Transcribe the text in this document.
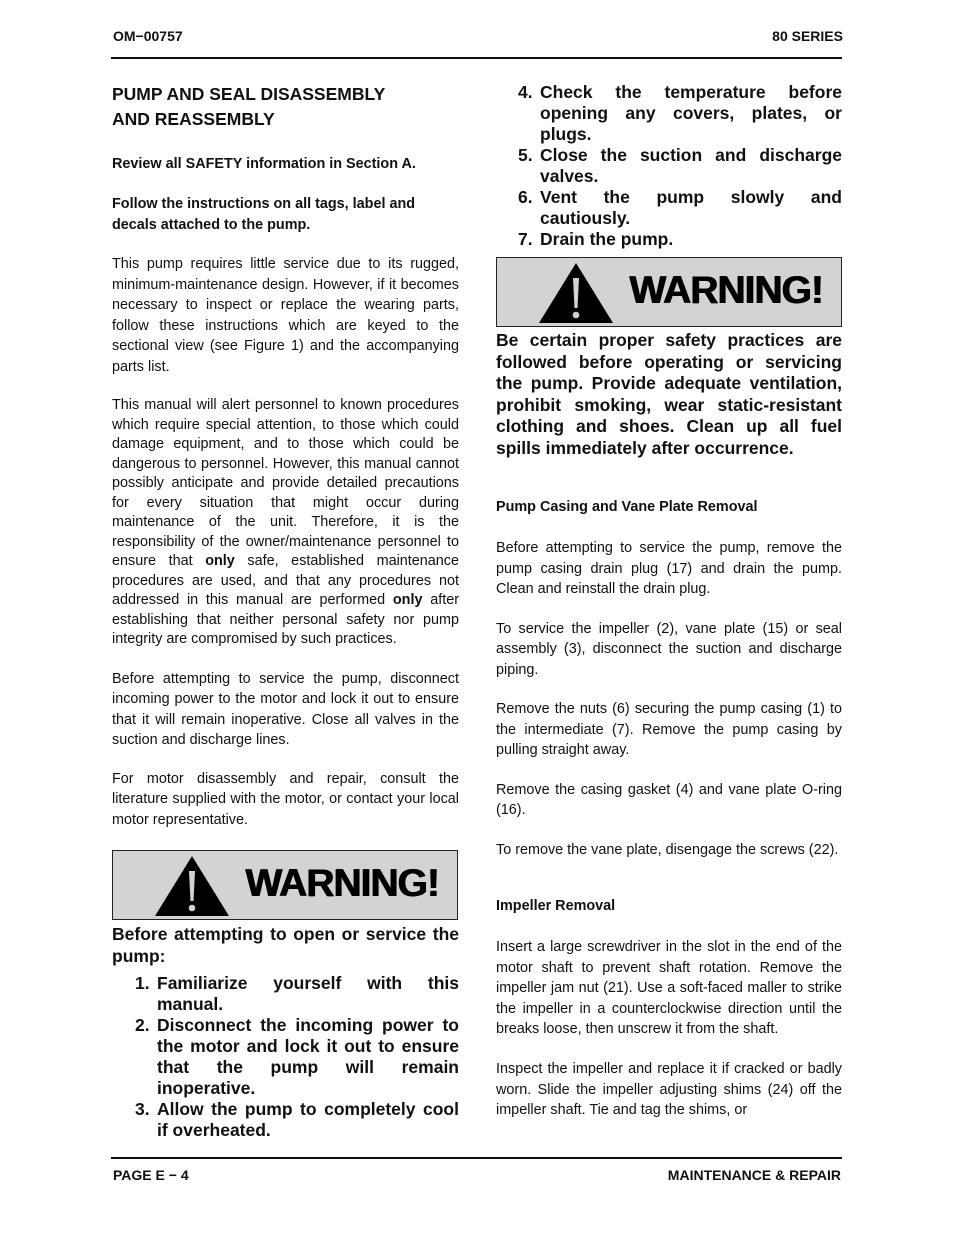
OM−00757	80 SERIES
PUMP AND SEAL DISASSEMBLY
AND REASSEMBLY
Review all SAFETY information in Section A.
Follow the instructions on all tags, label and decals attached to the pump.
This pump requires little service due to its rugged, minimum-maintenance design. However, if it becomes necessary to inspect or replace the wearing parts, follow these instructions which are keyed to the sectional view (see Figure 1) and the accompanying parts list.
This manual will alert personnel to known procedures which require special attention, to those which could damage equipment, and to those which could be dangerous to personnel. However, this manual cannot possibly anticipate and provide detailed precautions for every situation that might occur during maintenance of the unit. Therefore, it is the responsibility of the owner/maintenance personnel to ensure that only safe, established maintenance procedures are used, and that any procedures not addressed in this manual are performed only after establishing that neither personal safety nor pump integrity are compromised by such practices.
Before attempting to service the pump, disconnect incoming power to the motor and lock it out to ensure that it will remain inoperative. Close all valves in the suction and discharge lines.
For motor disassembly and repair, consult the literature supplied with the motor, or contact your local motor representative.
WARNING!
Before attempting to open or service the pump:
1. Familiarize yourself with this manual.
2. Disconnect the incoming power to the motor and lock it out to ensure that the pump will remain inoperative.
3. Allow the pump to completely cool if overheated.
4. Check the temperature before opening any covers, plates, or plugs.
5. Close the suction and discharge valves.
6. Vent the pump slowly and cautiously.
7. Drain the pump.
WARNING!
Be certain proper safety practices are followed before operating or servicing the pump. Provide adequate ventilation, prohibit smoking, wear static-resistant clothing and shoes. Clean up all fuel spills immediately after occurrence.
Pump Casing and Vane Plate Removal
Before attempting to service the pump, remove the pump casing drain plug (17) and drain the pump. Clean and reinstall the drain plug.
To service the impeller (2), vane plate (15) or seal assembly (3), disconnect the suction and discharge piping.
Remove the nuts (6) securing the pump casing (1) to the intermediate (7). Remove the pump casing by pulling straight away.
Remove the casing gasket (4) and vane plate O-ring (16).
To remove the vane plate, disengage the screws (22).
Impeller Removal
Insert a large screwdriver in the slot in the end of the motor shaft to prevent shaft rotation. Remove the impeller jam nut (21). Use a soft-faced maller to strike the impeller in a counterclockwise direction until the breaks loose, then unscrew it from the shaft.
Inspect the impeller and replace it if cracked or badly worn. Slide the impeller adjusting shims (24) off the impeller shaft. Tie and tag the shims, or
PAGE E − 4	MAINTENANCE & REPAIR
